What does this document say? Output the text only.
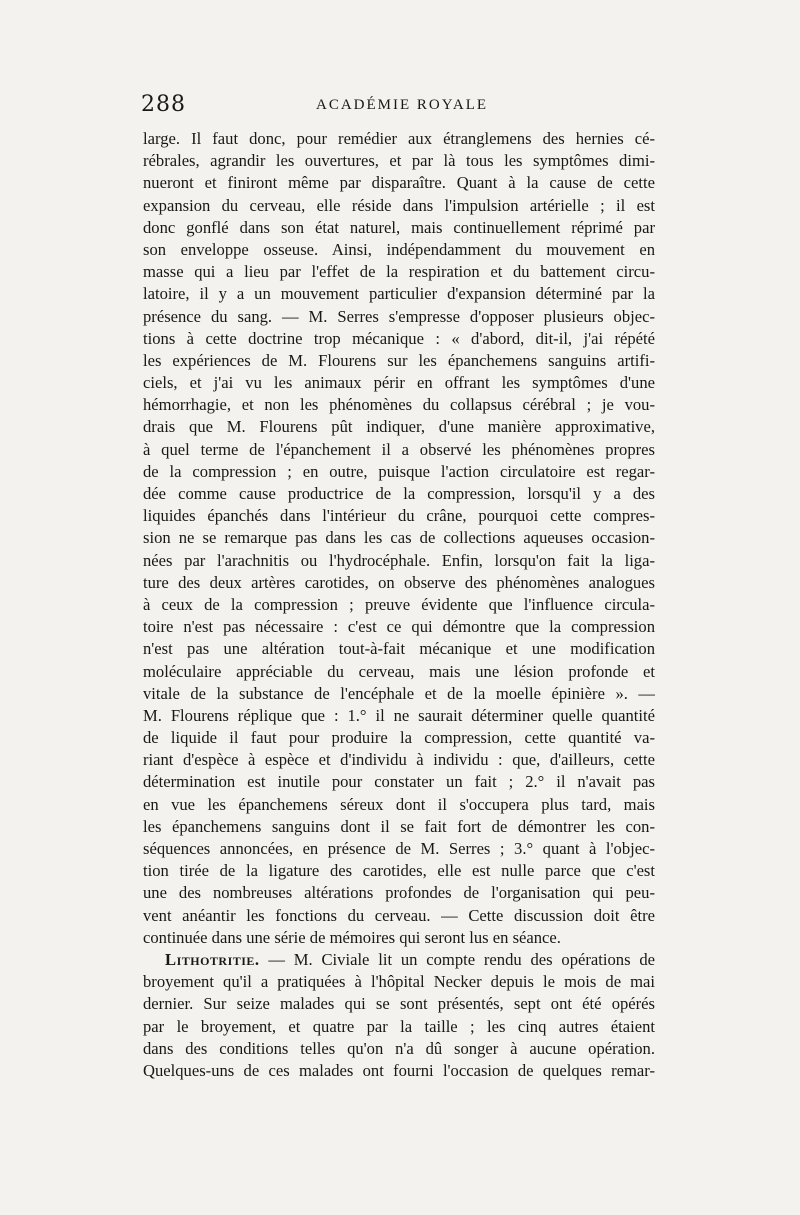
288	ACADÉMIE ROYALE
large. Il faut donc, pour remédier aux étranglemens des hernies cé-
rébrales, agrandir les ouvertures, et par là tous les symptômes dimi-
nueront et finiront même par disparaître. Quant à la cause de cette
expansion du cerveau, elle réside dans l'impulsion artérielle ; il est
donc gonflé dans son état naturel, mais continuellement réprimé par
son enveloppe osseuse. Ainsi, indépendamment du mouvement en
masse qui a lieu par l'effet de la respiration et du battement circu-
latoire, il y a un mouvement particulier d'expansion déterminé par la
présence du sang. — M. Serres s'empresse d'opposer plusieurs objec-
tions à cette doctrine trop mécanique : « d'abord, dit-il, j'ai répété
les expériences de M. Flourens sur les épanchemens sanguins artifi-
ciels, et j'ai vu les animaux périr en offrant les symptômes d'une
hémorrhagie, et non les phénomènes du collapsus cérébral ; je vou-
drais que M. Flourens pût indiquer, d'une manière approximative,
à quel terme de l'épanchement il a observé les phénomènes propres
de la compression ; en outre, puisque l'action circulatoire est regar-
dée comme cause productrice de la compression, lorsqu'il y a des
liquides épanchés dans l'intérieur du crâne, pourquoi cette compres-
sion ne se remarque pas dans les cas de collections aqueuses occasion-
nées par l'arachnitis ou l'hydrocéphale. Enfin, lorsqu'on fait la liga-
ture des deux artères carotides, on observe des phénomènes analogues
à ceux de la compression ; preuve évidente que l'influence circula-
toire n'est pas nécessaire : c'est ce qui démontre que la compression
n'est pas une altération tout-à-fait mécanique et une modification
moléculaire appréciable du cerveau, mais une lésion profonde et
vitale de la substance de l'encéphale et de la moelle épinière ». —
M. Flourens réplique que : 1.° il ne saurait déterminer quelle quantité
de liquide il faut pour produire la compression, cette quantité va-
riant d'espèce à espèce et d'individu à individu : que, d'ailleurs, cette
détermination est inutile pour constater un fait ; 2.° il n'avait pas
en vue les épanchemens séreux dont il s'occupera plus tard, mais
les épanchemens sanguins dont il se fait fort de démontrer les con-
séquences annoncées, en présence de M. Serres ; 3.° quant à l'objec-
tion tirée de la ligature des carotides, elle est nulle parce que c'est
une des nombreuses altérations profondes de l'organisation qui peu-
vent anéantir les fonctions du cerveau. — Cette discussion doit être
continuée dans une série de mémoires qui seront lus en séance.
Lithotritie. — M. Civiale lit un compte rendu des opérations de
broyement qu'il a pratiquées à l'hôpital Necker depuis le mois de mai
dernier. Sur seize malades qui se sont présentés, sept ont été opérés
par le broyement, et quatre par la taille ; les cinq autres étaient
dans des conditions telles qu'on n'a dû songer à aucune opération.
Quelques-uns de ces malades ont fourni l'occasion de quelques remar-
